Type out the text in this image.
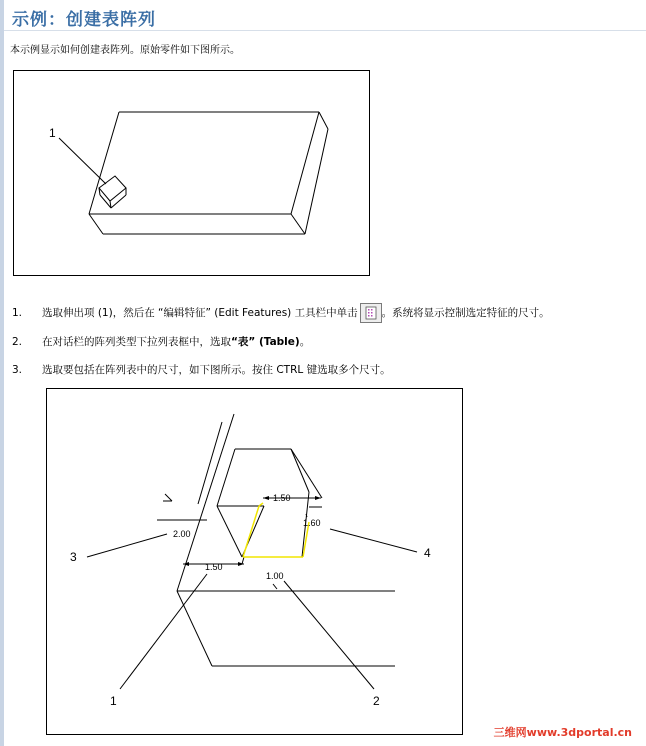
示例：创建表阵列
本示例显示如何创建表阵列。原始零件如下图所示。
1
1. 选取伸出项 (1)，然后在 “编辑特征” (Edit Features) 工具栏中单击 。系统将显示控制选定特征的尺寸。
2. 在对话栏的阵列类型下拉列表框中，选取“表” (Table)。
3. 选取要包括在阵列表中的尺寸，如下图所示。按住 CTRL 键选取多个尺寸。
1.50
1.60
2.00
1.50
1.00
3	4
1	2
三维网www.3dportal.cn
